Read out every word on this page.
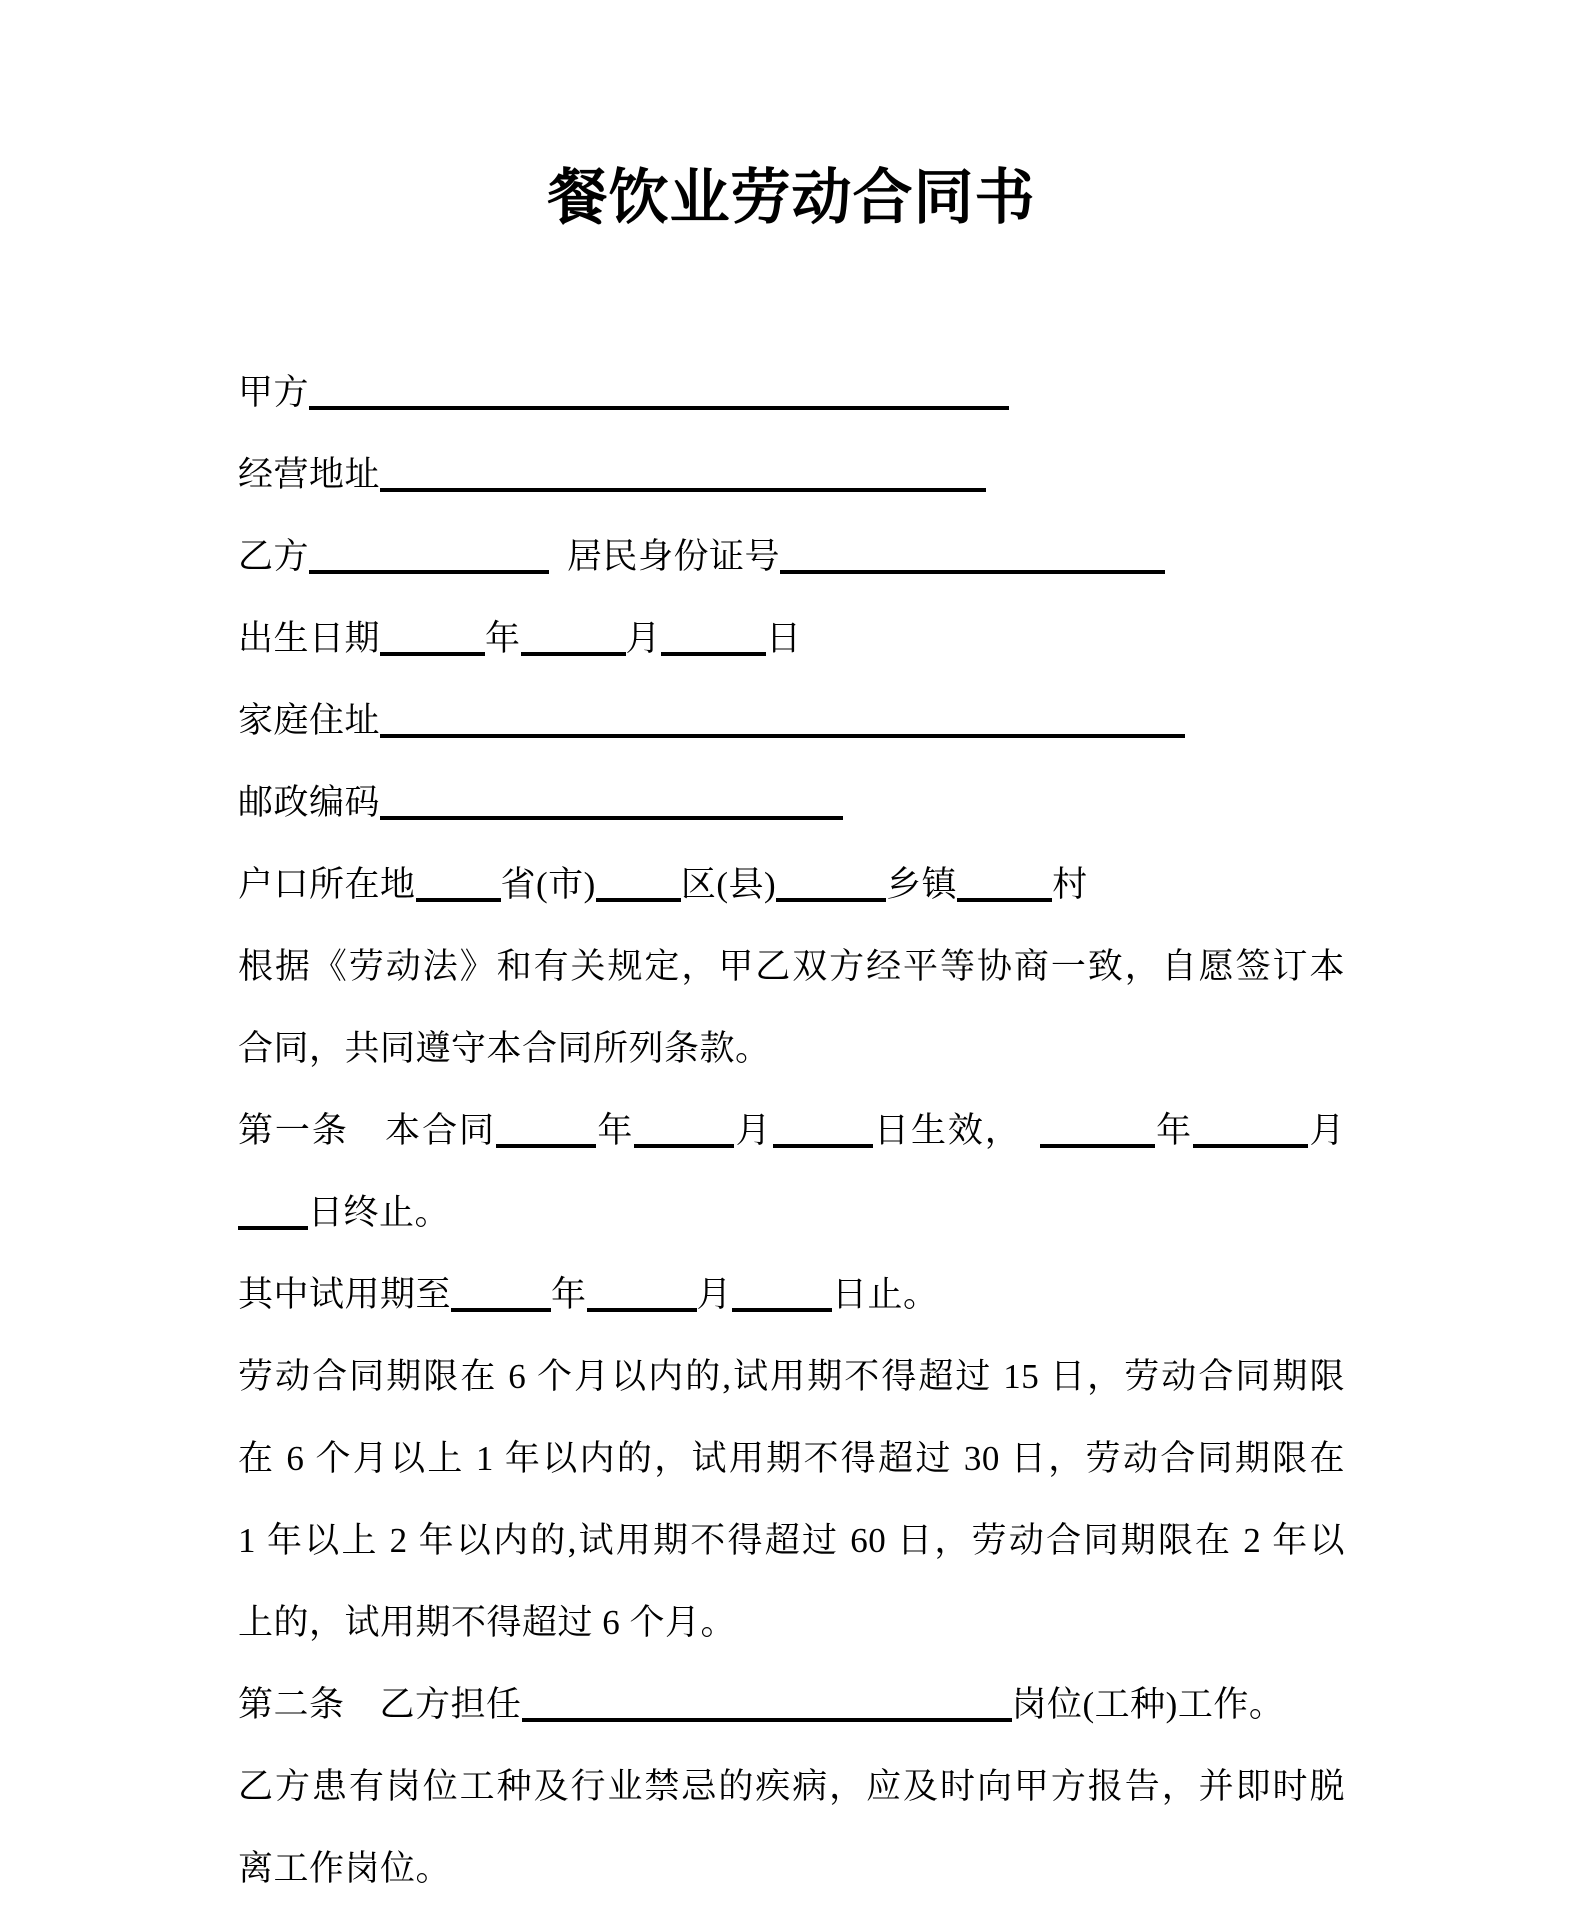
餐饮业劳动合同书
甲方
经营地址
乙方	居民身份证号
出生日期	年	月	日
家庭住址
邮政编码
户口所在地 省(市) 区(县)	乡镇	村
根据《劳动法》和有关规定，甲乙双方经平等协商一致，自愿签订本
合同，共同遵守本合同所列条款。
第一条 本合同	年	月	日生效，	年	月
日终止。
其中试用期至	年	月	日止。
劳动合同期限在 6 个月以内的,试用期不得超过 15 日，劳动合同期限
在 6 个月以上 1 年以内的，试用期不得超过 30 日，劳动合同期限在
1 年以上 2 年以内的,试用期不得超过 60 日，劳动合同期限在 2 年以
上的，试用期不得超过 6 个月。
第二条 乙方担任	岗位(工种)工作。
乙方患有岗位工种及行业禁忌的疾病，应及时向甲方报告，并即时脱
离工作岗位。
